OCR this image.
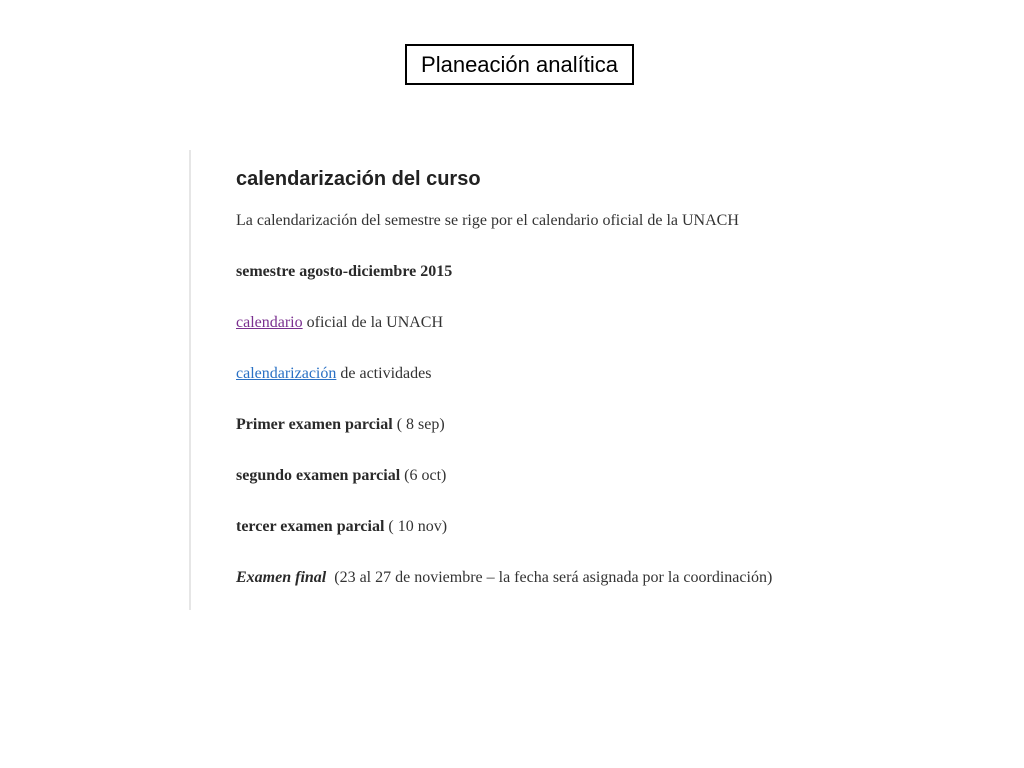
Planeación analítica
calendarización del curso
La calendarización del semestre se rige por el calendario oficial de la UNACH
semestre agosto-diciembre 2015
calendario oficial de la UNACH
calendarización de actividades
Primer examen parcial ( 8 sep)
segundo examen parcial (6 oct)
tercer examen parcial ( 10 nov)
Examen final  (23 al 27 de noviembre – la fecha será asignada por la coordinación)
